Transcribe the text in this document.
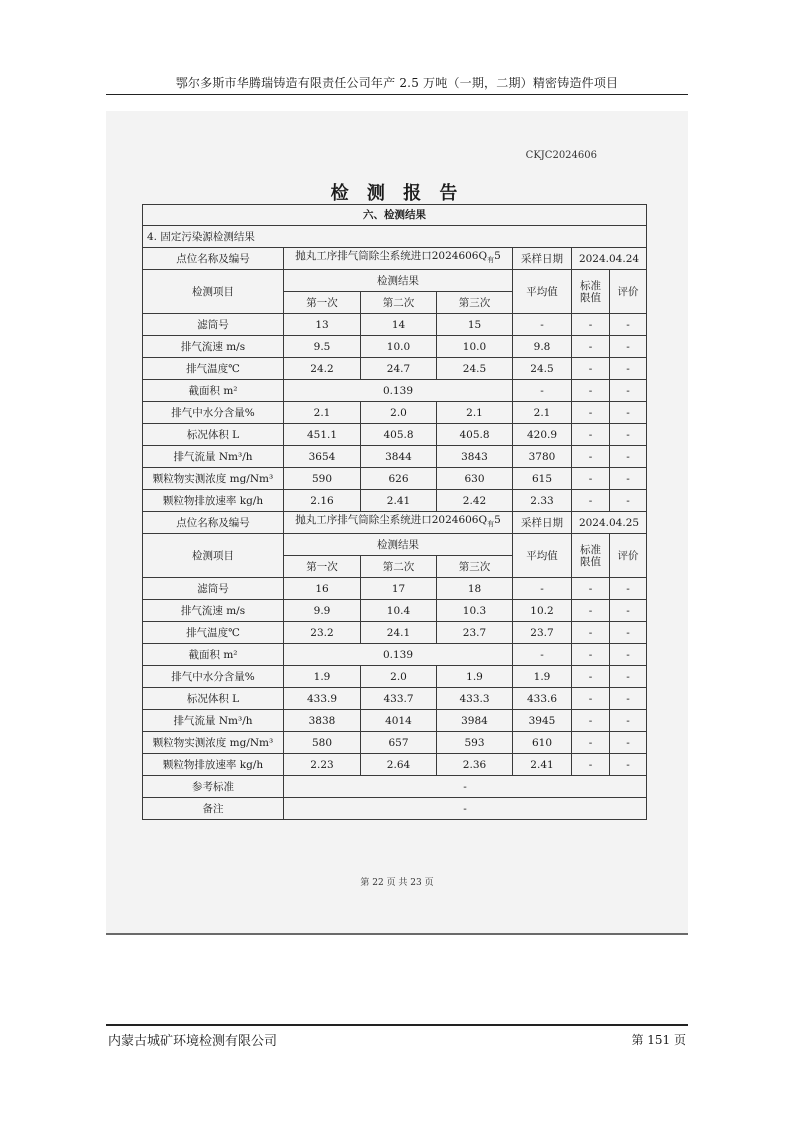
鄂尔多斯市华腾瑞铸造有限责任公司年产 2.5 万吨（一期，二期）精密铸造件项目
CKJC2024606
检 测 报 告
六、检测结果						
4. 固定污染源检测结果						
点位名称及编号	抛丸工序排气筒除尘系统进口$2024606Q_有5$			采样日期	2024.04.24	
检测项目	检测结果			平均值	标准限值	评价
	第一次	第二次	第三次			
滤筒号	13	14	15	-	-	-
排气流速 m/s	9.5	10.0	10.0	9.8	-	-
排气温度℃	24.2	24.7	24.5	24.5	-	-
截面积 m²	0.139			-	-	-
排气中水分含量%	2.1	2.0	2.1	2.1	-	-
标况体积 L	451.1	405.8	405.8	420.9	-	-
排气流量 Nm³/h	3654	3844	3843	3780	-	-
颗粒物实测浓度 mg/Nm³	590	626	630	615	-	-
颗粒物排放速率 kg/h	2.16	2.41	2.42	2.33	-	-
点位名称及编号	抛丸工序排气筒除尘系统进口$2024606Q_有5$			采样日期	2024.04.25	
检测项目	检测结果			平均值	标准限值	评价
	第一次	第二次	第三次			
滤筒号	16	17	18	-	-	-
排气流速 m/s	9.9	10.4	10.3	10.2	-	-
排气温度℃	23.2	24.1	23.7	23.7	-	-
截面积 m²	0.139			-	-	-
排气中水分含量%	1.9	2.0	1.9	1.9	-	-
标况体积 L	433.9	433.7	433.3	433.6	-	-
排气流量 Nm³/h	3838	4014	3984	3945	-	-
颗粒物实测浓度 mg/Nm³	580	657	593	610	-	-
颗粒物排放速率 kg/h	2.23	2.64	2.36	2.41	-	-
参考标准	-					
备注	-					
第 22 页 共 23 页
内蒙古城矿环境检测有限公司	第 151 页
